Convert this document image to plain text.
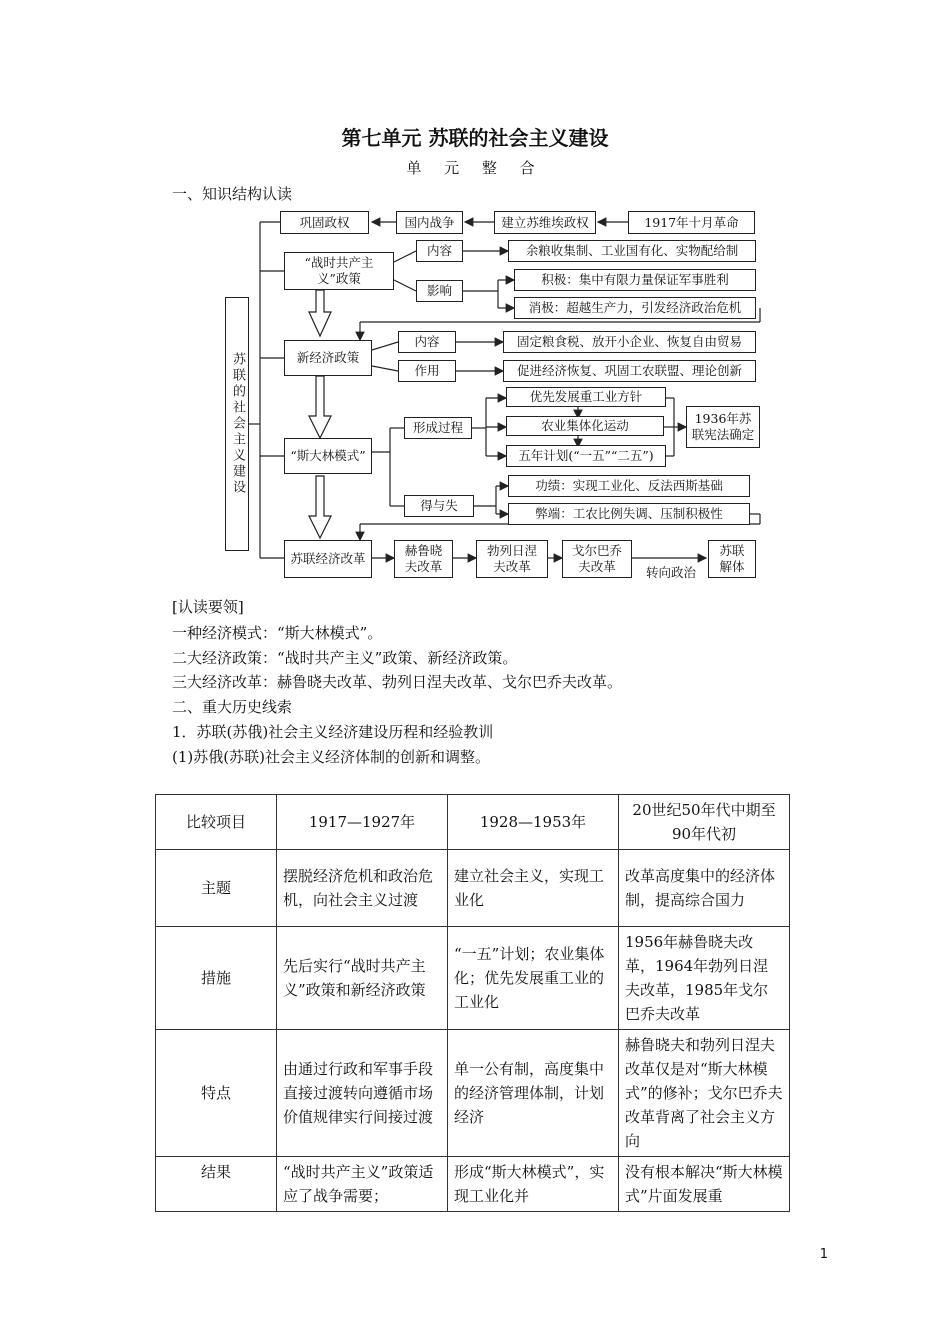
第七单元 苏联的社会主义建设
单 元 整 合
一、知识结构认读
苏联的社会主义建设
巩固政权	国内战争	建立苏维埃政权	1917年十月革命
“战时共产主义”政策
内容	余粮收集制、工业国有化、实物配给制
影响
积极：集中有限力量保证军事胜利
消极：超越生产力，引发经济政治危机
新经济政策
内容	固定粮食税、放开小企业、恢复自由贸易
作用	促进经济恢复、巩固工农联盟、理论创新
“斯大林模式”
形成过程
优先发展重工业方针
农业集体化运动
五年计划(“一五”“二五”)
1936年苏联宪法确定
得与失
功绩：实现工业化、反法西斯基础
弊端：工农比例失调、压制积极性
苏联经济改革
赫鲁晓夫改革
勃列日涅夫改革
戈尔巴乔夫改革	转向政治
苏联解体
[认读要领]
一种经济模式：“斯大林模式”。
二大经济政策：“战时共产主义”政策、新经济政策。
三大经济改革：赫鲁晓夫改革、勃列日涅夫改革、戈尔巴乔夫改革。
二、重大历史线索
1．苏联(苏俄)社会主义经济建设历程和经验教训
(1)苏俄(苏联)社会主义经济体制的创新和调整。
比较项目	1917—1927年	1928—1953年	20世纪50年代中期至90年代初
主题	摆脱经济危机和政治危机，向社会主义过渡	建立社会主义，实现工业化	改革高度集中的经济体制，提高综合国力
措施	先后实行“战时共产主义”政策和新经济政策	“一五”计划；农业集体化；优先发展重工业的工业化	1956年赫鲁晓夫改革，1964年勃列日涅夫改革，1985年戈尔巴乔夫改革
特点	由通过行政和军事手段直接过渡转向遵循市场价值规律实行间接过渡	单一公有制，高度集中的经济管理体制，计划经济	赫鲁晓夫和勃列日涅夫改革仅是对“斯大林模式”的修补；戈尔巴乔夫改革背离了社会主义方向
结果	“战时共产主义”政策适应了战争需要；	形成“斯大林模式”，实现工业化并	没有根本解决“斯大林模式”片面发展重
1
